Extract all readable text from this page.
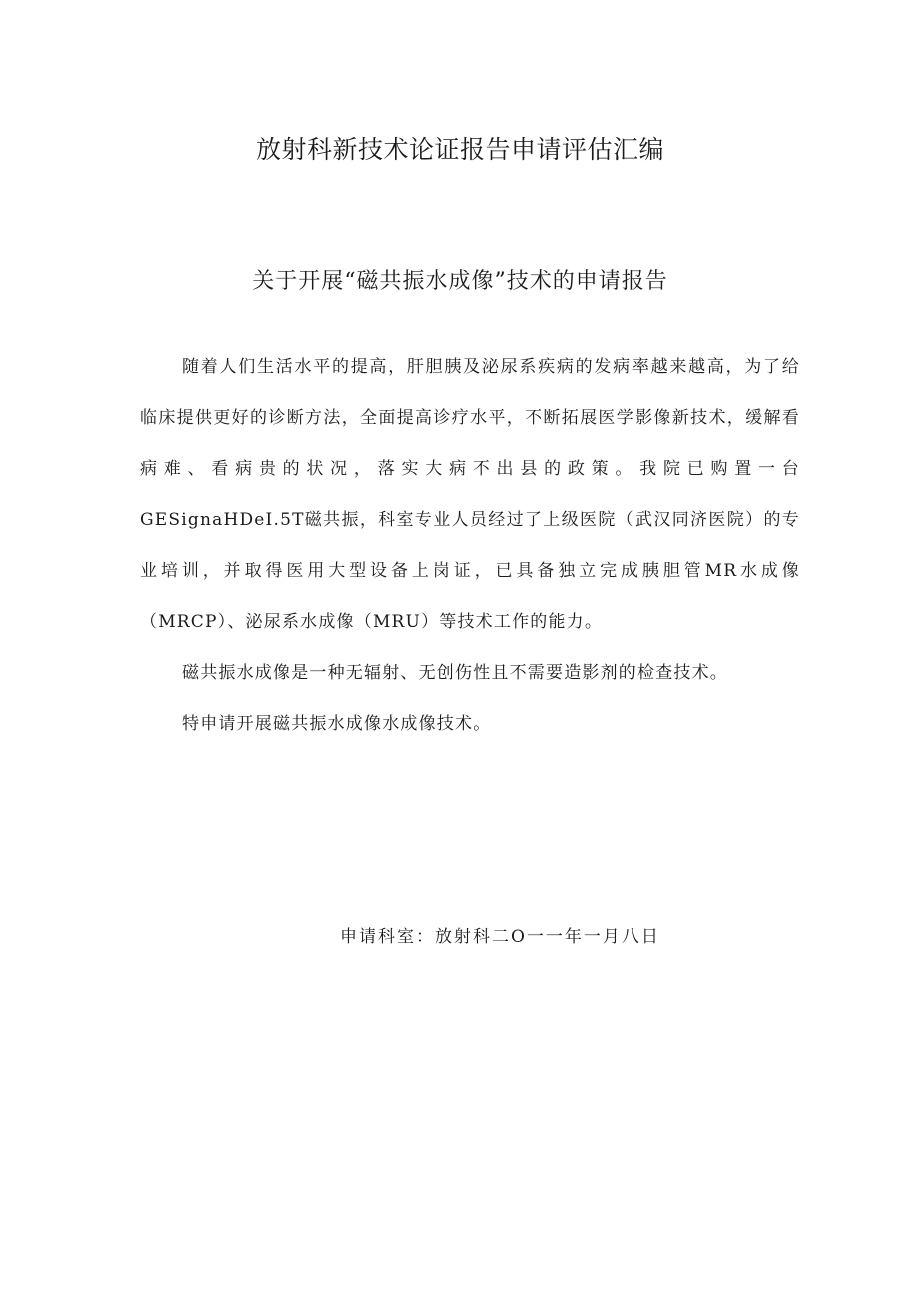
放射科新技术论证报告申请评估汇编
关于开展“磁共振水成像”技术的申请报告

随着人们生活水平的提高，肝胆胰及泌尿系疾病的发病率越来越高，为了给临床提供更好的诊断方法，全面提高诊疗水平，不断拓展医学影像新技术，缓解看病难、看病贵的状况，落实大病不出县的政策。我院已购置一台GESignaHDeI.5T磁共振，科室专业人员经过了上级医院（武汉同济医院）的专业培训，并取得医用大型设备上岗证，已具备独立完成胰胆管MR水成像（MRCP）、泌尿系水成像（MRU）等技术工作的能力。

磁共振水成像是一种无辐射、无创伤性且不需要造影剂的检查技术。

特申请开展磁共振水成像水成像技术。

申请科室：放射科二O一一年一月八日
